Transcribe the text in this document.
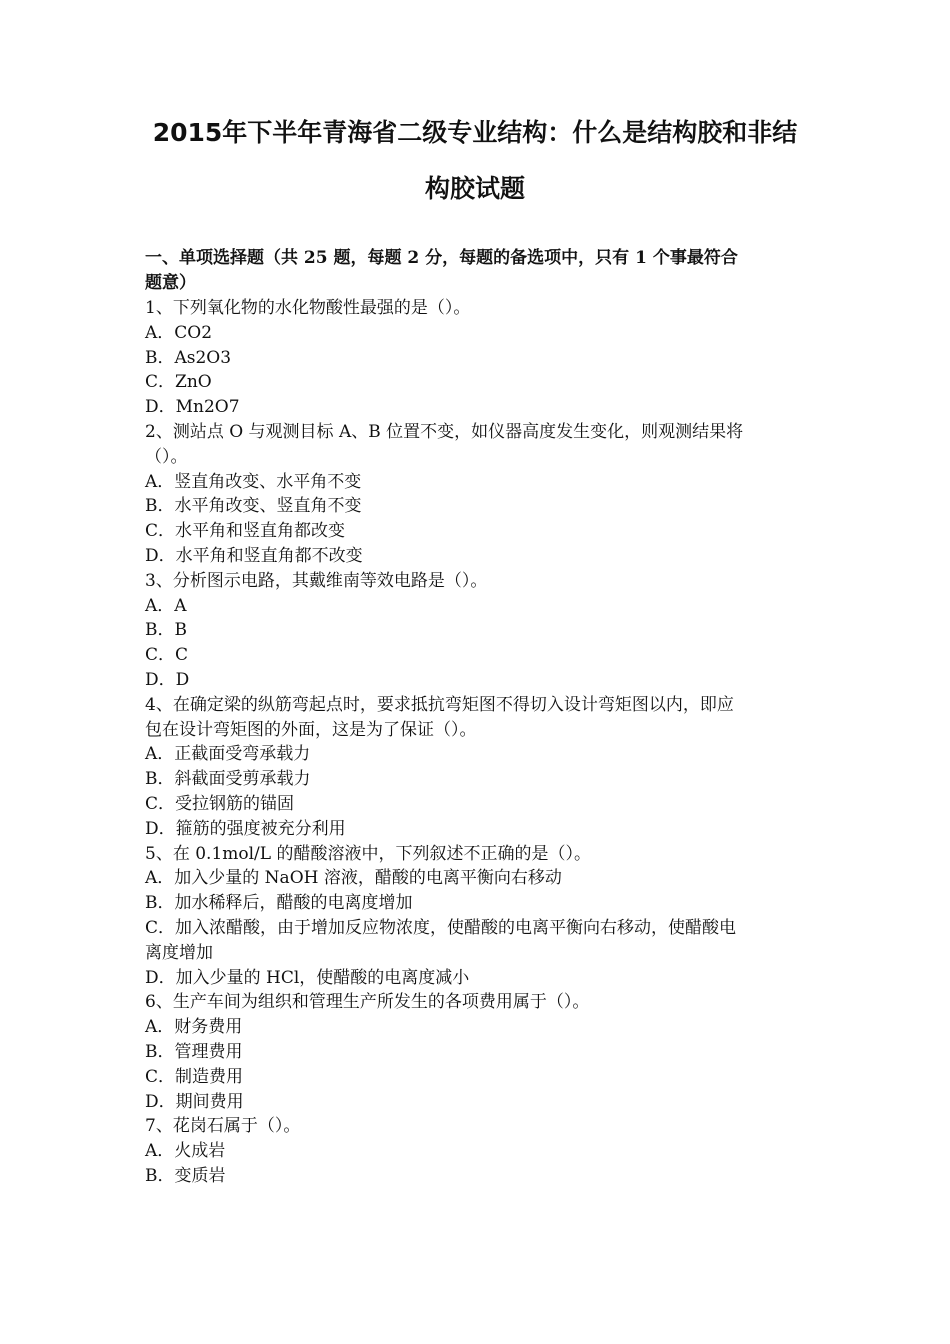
2015年下半年青海省二级专业结构：什么是结构胶和非结
构胶试题
一、单项选择题（共 25 题，每题 2 分，每题的备选项中，只有 1 个事最符合
题意）
1、下列氧化物的水化物酸性最强的是（）。
A．CO2
B．As2O3
C．ZnO
D．Mn2O7
2、测站点 O 与观测目标 A、B 位置不变，如仪器高度发生变化，则观测结果将
（）。
A．竖直角改变、水平角不变
B．水平角改变、竖直角不变
C．水平角和竖直角都改变
D．水平角和竖直角都不改变
3、分析图示电路，其戴维南等效电路是（）。
A．A
B．B
C．C
D．D
4、在确定梁的纵筋弯起点时，要求抵抗弯矩图不得切入设计弯矩图以内，即应
包在设计弯矩图的外面，这是为了保证（）。
A．正截面受弯承载力
B．斜截面受剪承载力
C．受拉钢筋的锚固
D．箍筋的强度被充分利用
5、在 0.1mol/L 的醋酸溶液中，下列叙述不正确的是（）。
A．加入少量的 NaOH 溶液，醋酸的电离平衡向右移动
B．加水稀释后，醋酸的电离度增加
C．加入浓醋酸，由于增加反应物浓度，使醋酸的电离平衡向右移动，使醋酸电
离度增加
D．加入少量的 HCl，使醋酸的电离度减小
6、生产车间为组织和管理生产所发生的各项费用属于（）。
A．财务费用
B．管理费用
C．制造费用
D．期间费用
7、花岗石属于（）。
A．火成岩
B．变质岩
